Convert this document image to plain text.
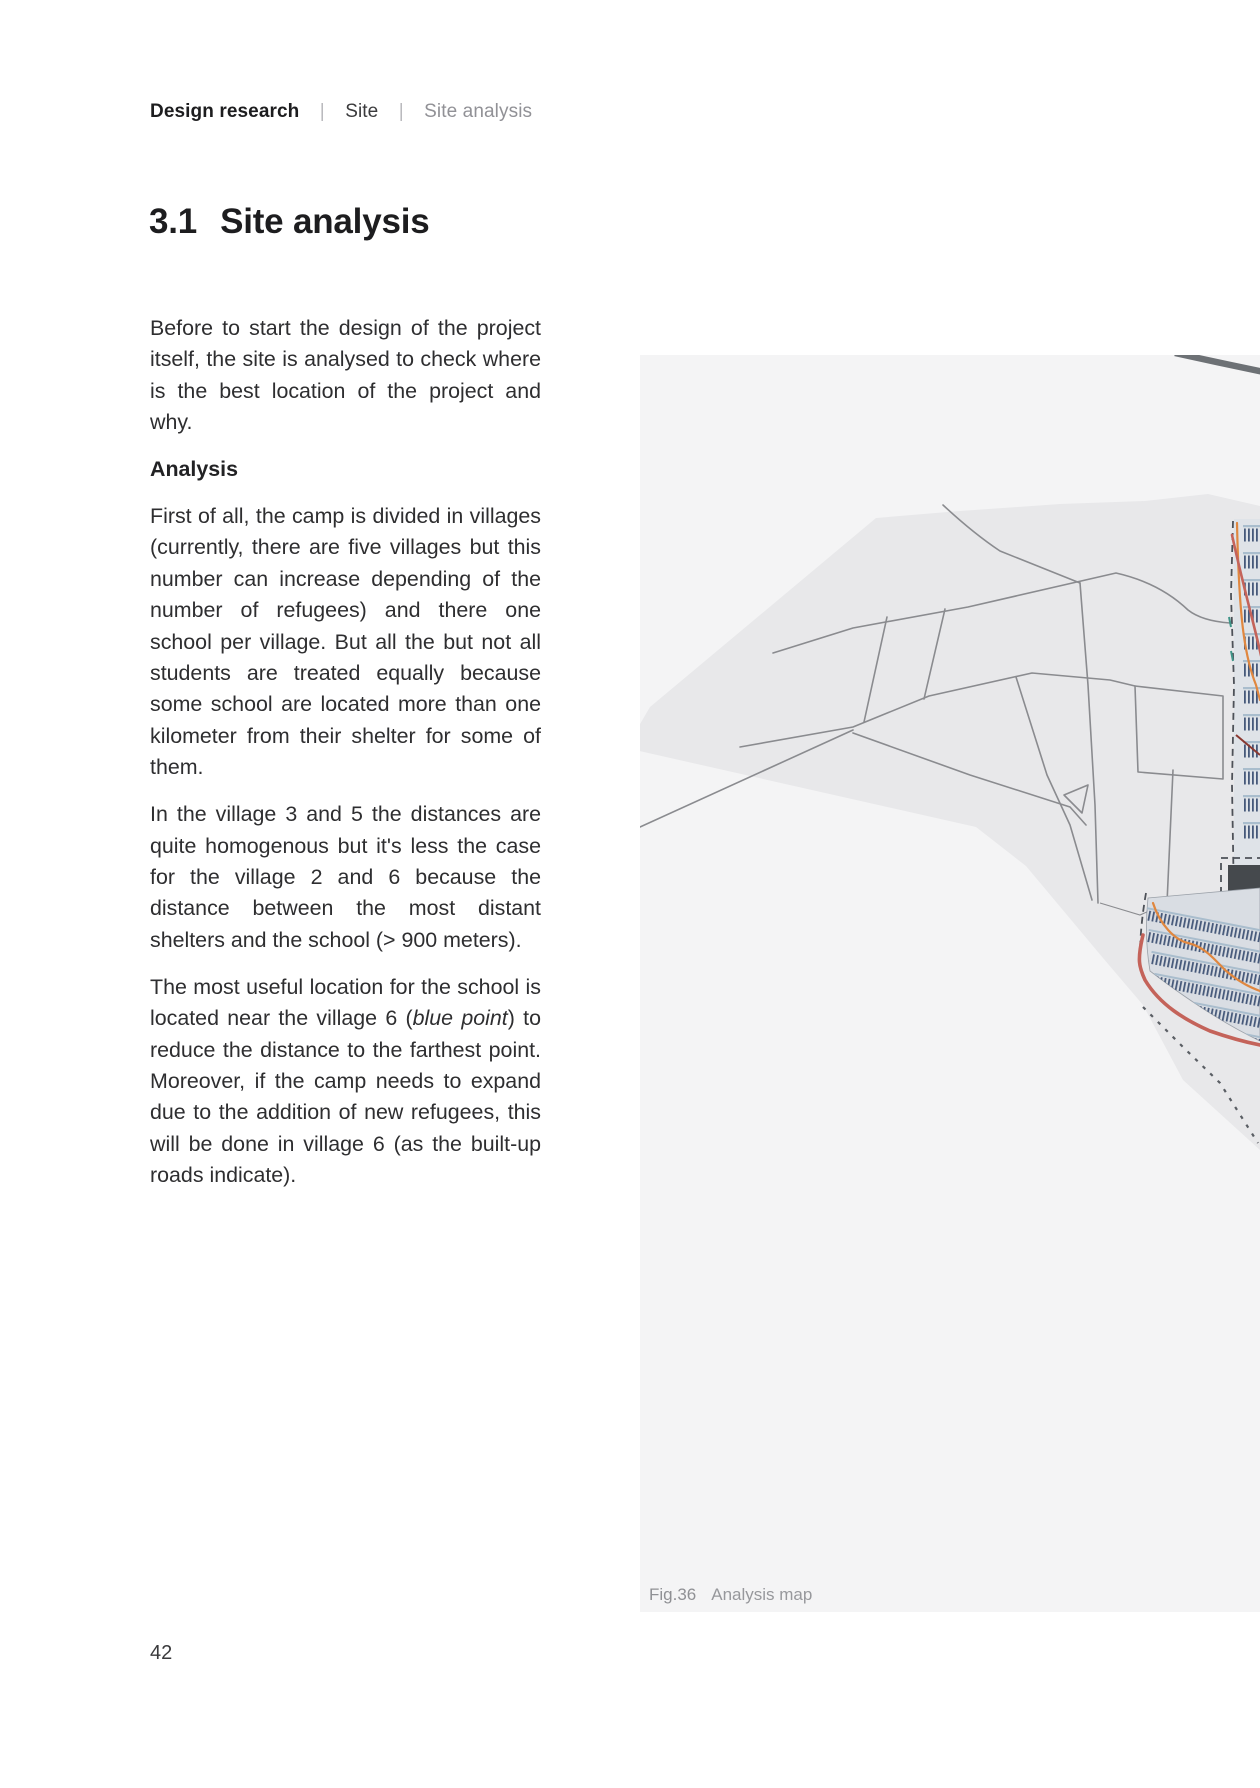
Design research | Site | Site analysis
3.1 Site analysis

Before to start the design of the project itself, the site is analysed to check where is the best location of the project and why.

Analysis

First of all, the camp is divided in villages (currently, there are five villages but this number can increase depending of the number of refugees) and there one school per village. But all the but not all students are treated equally because some school are located more than one kilometer from their shelter for some of them.

In the village 3 and 5 the distances are quite homogenous but it's less the case for the village 2 and 6 because the distance between the most distant shelters and the school (> 900 meters).

The most useful location for the school is located near the village 6 (blue point) to reduce the distance to the farthest point. Moreover, if the camp needs to expand due to the addition of new refugees, this will be done in village 6 (as the built-up roads indicate).

Fig.36 Analysis map
42
